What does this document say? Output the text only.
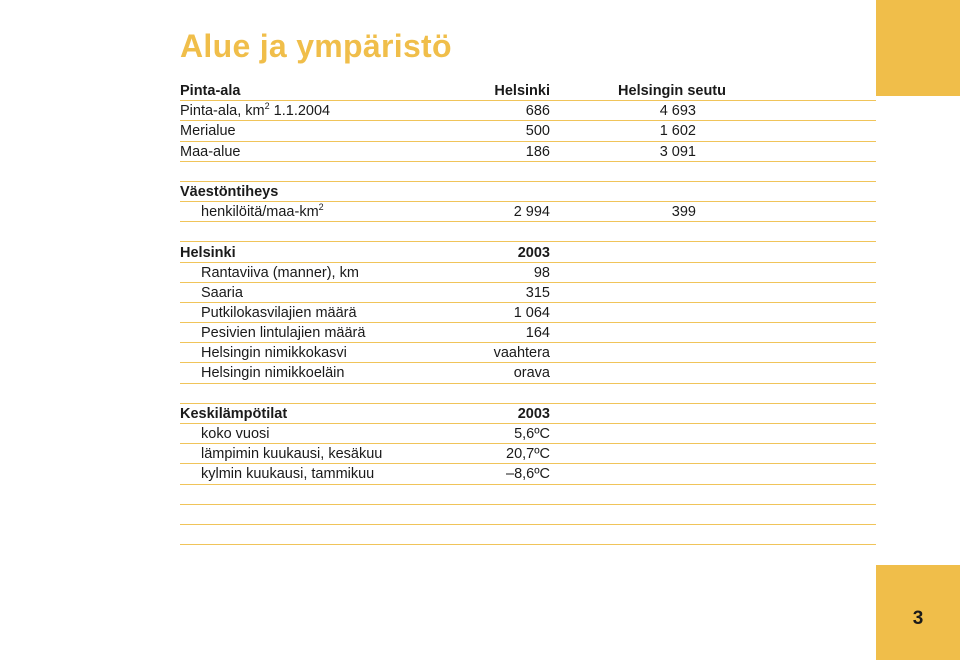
3
Alue ja ympäristö
Pinta-ala	Helsinki	Helsingin seutu
Pinta-ala, $km^2$ 1.1.2004	686	4 693
Merialue	500	1 602
Maa-alue	186	3 091
Väestöntiheys
henkilöitä/$maa-km^2$	2 994	399
Helsinki	2003
Rantaviiva (manner), km	98
Saaria	315
Putkilokasvilajien määrä	1 064
Pesivien lintulajien määrä	164
Helsingin nimikkokasvi	vaahtera
Helsingin nimikkoeläin	orava
Keskilämpötilat	2003
koko vuosi	5,6ºC
lämpimin kuukausi, kesäkuu	20,7ºC
kylmin kuukausi, tammikuu	–8,6ºC
